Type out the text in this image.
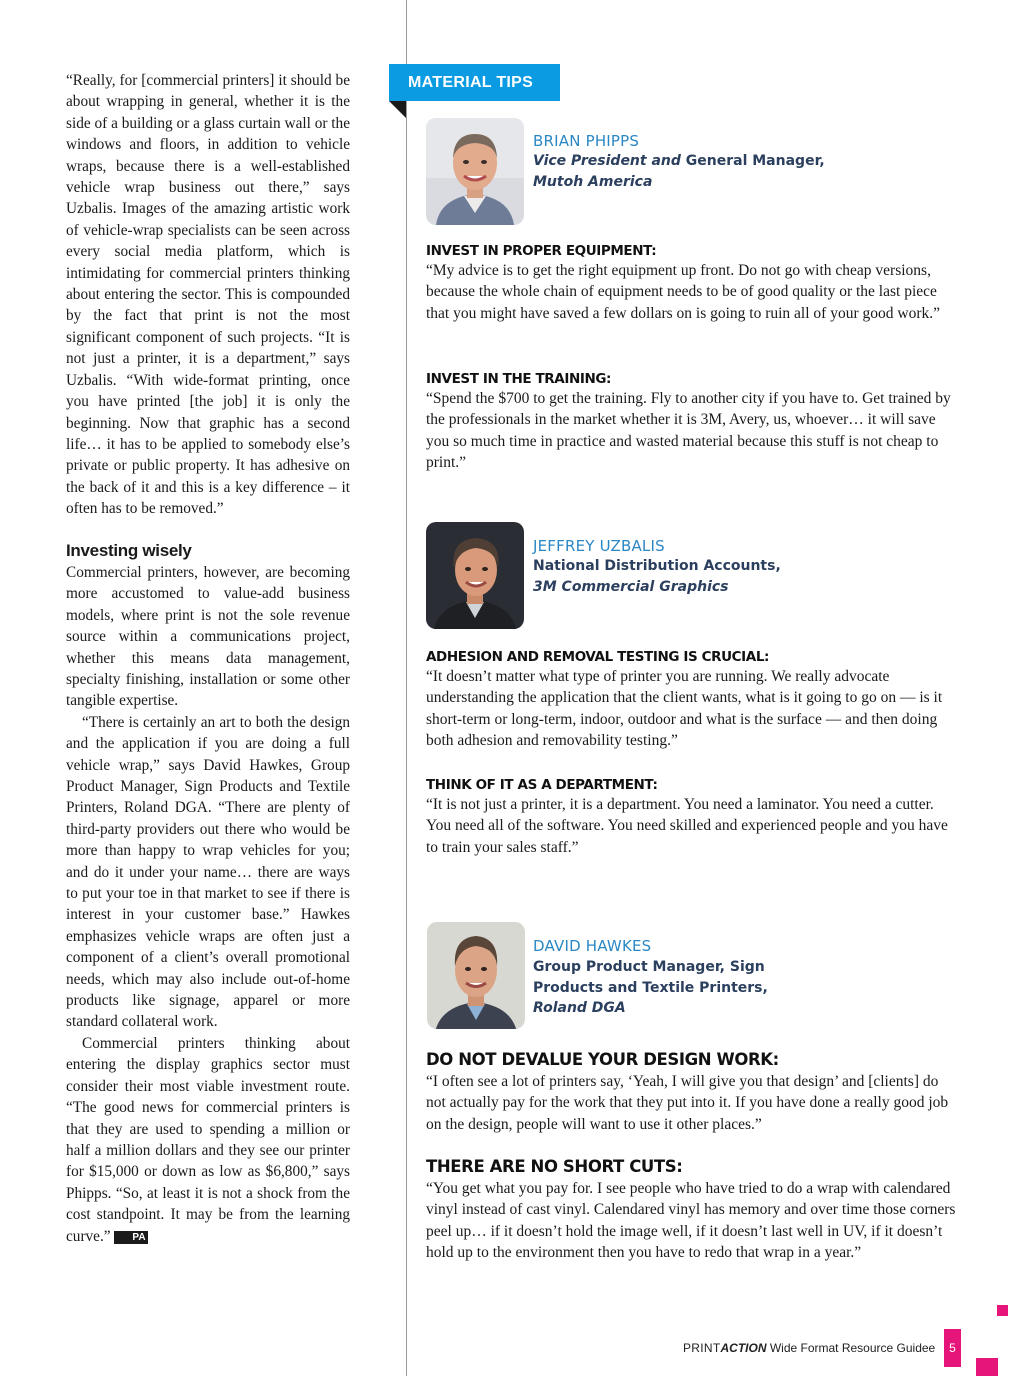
“Really, for [commercial printers] it should be about wrapping in general, whether it is the side of a building or a glass curtain wall or the windows and floors, in addition to vehicle wraps, because there is a well-established vehicle wrap business out there,” says Uzbalis. Images of the amazing artistic work of vehicle-wrap specialists can be seen across every social media platform, which is intimidating for commercial printers thinking about entering the sector. This is compounded by the fact that print is not the most significant component of such projects. “It is not just a printer, it is a department,” says Uzbalis. “With wide-format printing, once you have printed [the job] it is only the beginning. Now that graphic has a second life… it has to be applied to somebody else’s private or public property. It has adhesive on the back of it and this is a key difference – it often has to be removed.”

Investing wisely

Commercial printers, however, are becoming more accustomed to value-add business models, where print is not the sole revenue source within a communications project, whether this means data management, specialty finishing, installation or some other tangible expertise.

“There is certainly an art to both the design and the application if you are doing a full vehicle wrap,” says David Hawkes, Group Product Manager, Sign Products and Textile Printers, Roland DGA. “There are plenty of third-party providers out there who would be more than happy to wrap vehicles for you; and do it under your name… there are ways to put your toe in that market to see if there is interest in your customer base.” Hawkes emphasizes vehicle wraps are often just a component of a client’s overall promotional needs, which may also include out-of-home products like signage, apparel or more standard collateral work.

Commercial printers thinking about entering the display graphics sector must consider their most viable investment route. “The good news for commercial printers is that they are used to spending a million or half a million dollars and they see our printer for $15,000 or down as low as $6,800,” says Phipps. “So, at least it is not a shock from the cost standpoint. It may be from the learning curve.” PA

MATERIAL TIPS
BRIAN PHIPPS
Vice President and General Manager,
Mutoh America
INVEST IN PROPER EQUIPMENT:

“My advice is to get the right equipment up front. Do not go with cheap versions, because the whole chain of equipment needs to be of good quality or the last piece that you might have saved a few dollars on is going to ruin all of your good work.”

INVEST IN THE TRAINING:

“Spend the $700 to get the training. Fly to another city if you have to. Get trained by the professionals in the market whether it is 3M, Avery, us, whoever… it will save you so much time in practice and wasted material because this stuff is not cheap to print.”

JEFFREY UZBALIS
National Distribution Accounts,
3M Commercial Graphics
ADHESION AND REMOVAL TESTING IS CRUCIAL:

“It doesn’t matter what type of printer you are running. We really advocate understanding the application that the client wants, what is it going to go on — is it short-term or long-term, indoor, outdoor and what is the surface — and then doing both adhesion and removability testing.”

THINK OF IT AS A DEPARTMENT:

“It is not just a printer, it is a department. You need a laminator. You need a cutter. You need all of the software. You need skilled and experienced people and you have to train your sales staff.”

DAVID HAWKES
Group Product Manager, Sign
Products and Textile Printers,
Roland DGA
DO NOT DEVALUE YOUR DESIGN WORK:

“I often see a lot of printers say, ‘Yeah, I will give you that design’ and [clients] do not actually pay for the work that they put into it. If you have done a really good job on the design, people will want to use it other places.”

THERE ARE NO SHORT CUTS:

“You get what you pay for. I see people who have tried to do a wrap with calendared vinyl instead of cast vinyl. Calendared vinyl has memory and over time those corners peel up… if it doesn’t hold the image well, if it doesn’t last well in UV, if it doesn’t hold up to the environment then you have to redo that wrap in a year.”

PRINTACTION Wide Format Resource Guidee	5
